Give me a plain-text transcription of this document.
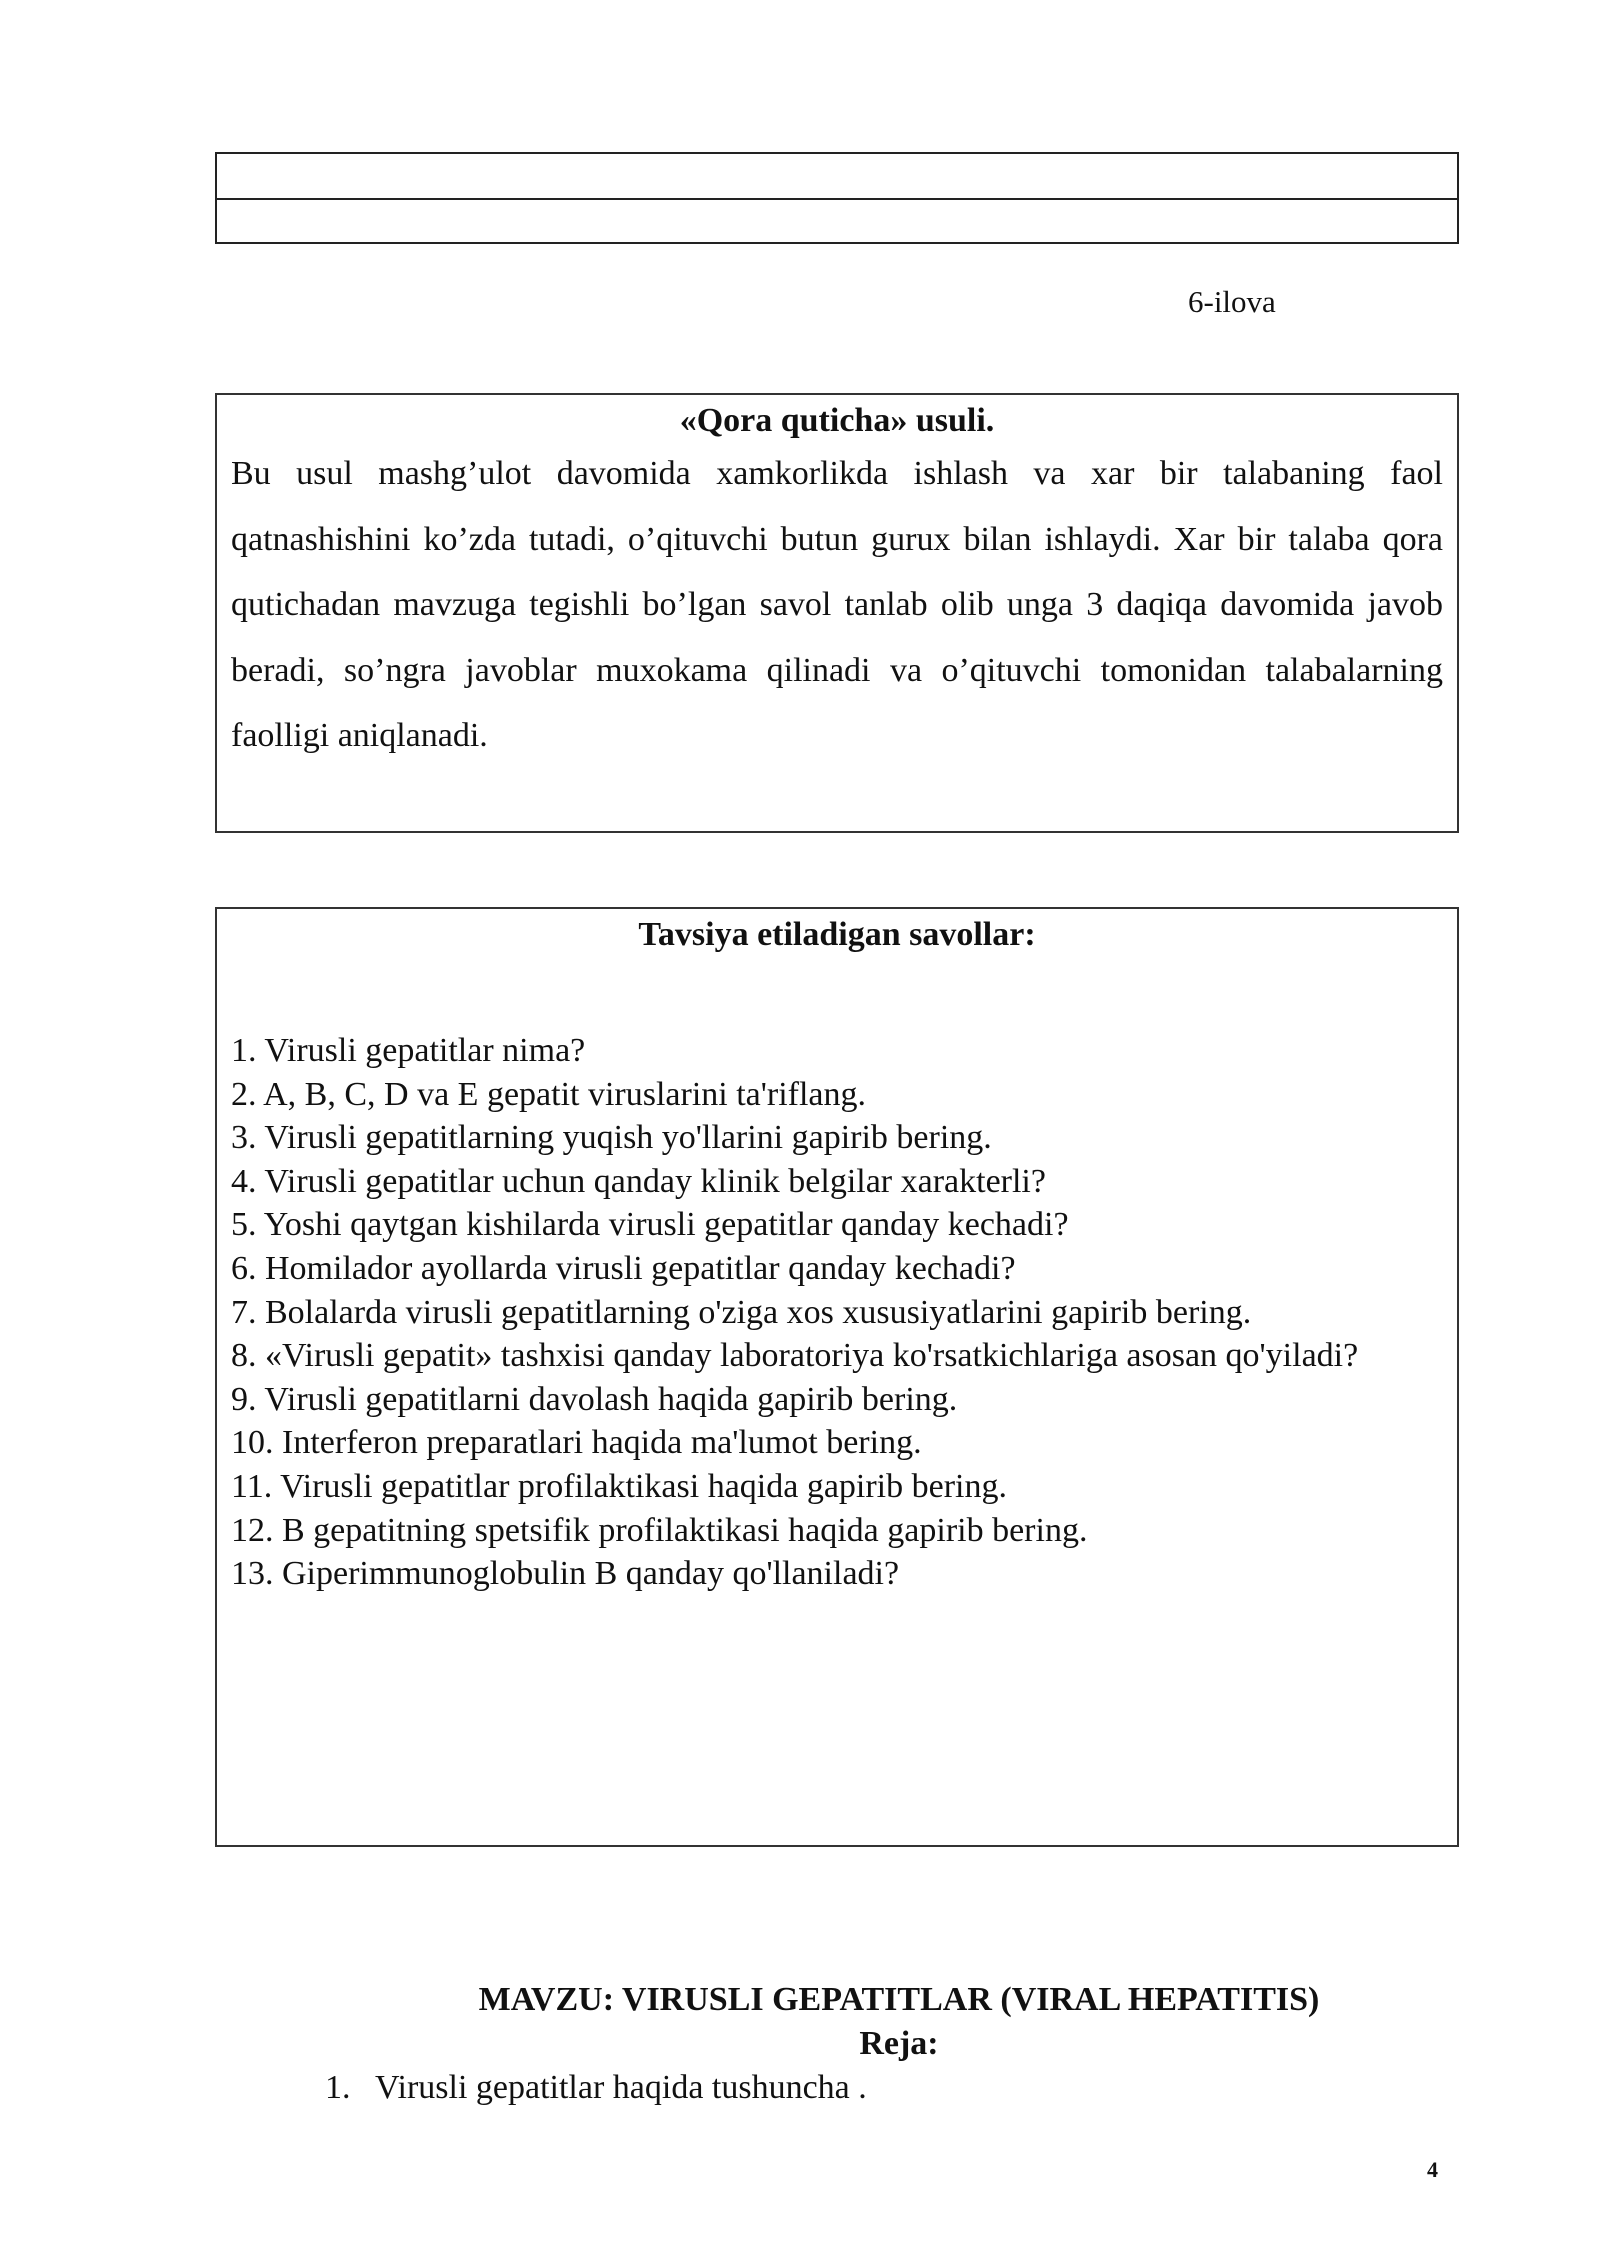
6-ilova
«Qora quticha» usuli.
Bu usul mashg’ulot davomida xamkorlikda ishlash va xar bir talabaning faol qatnashishini ko’zda tutadi, o’qituvchi butun gurux bilan ishlaydi. Xar bir talaba qora qutichadan mavzuga tegishli bo’lgan savol tanlab olib unga 3 daqiqa davomida javob beradi, so’ngra javoblar muxokama qilinadi va o’qituvchi tomonidan talabalarning faolligi aniqlanadi.
Tavsiya etiladigan savollar:
1. Virusli gepatitlar nima?
2. A, B, C, D va E gepatit viruslarini ta'riflang.
3. Virusli gepatitlarning yuqish yo'llarini gapirib bering.
4. Virusli gepatitlar uchun qanday klinik belgilar xarakterli?
5. Yoshi qaytgan kishilarda virusli gepatitlar qanday kechadi?
6. Homilador ayollarda virusli gepatitlar qanday kechadi?
7. Bolalarda virusli gepatitlarning o'ziga xos xususiyatlarini gapirib bering.
8. «Virusli gepatit» tashxisi qanday laboratoriya ko'rsatkichlariga asosan qo'yiladi?
9. Virusli gepatitlarni davolash haqida gapirib bering.
10. Interferon preparatlari haqida ma'lumot bering.
11. Virusli gepatitlar profilaktikasi haqida gapirib bering.
12. B gepatitning spetsifik profilaktikasi haqida gapirib bering.
13. Giperimmunoglobulin B qanday qo'llaniladi?
MAVZU: VIRUSLI GEPATITLAR (VIRAL HEPATITIS)
Reja:
1. Virusli gepatitlar haqida tushuncha .
4
